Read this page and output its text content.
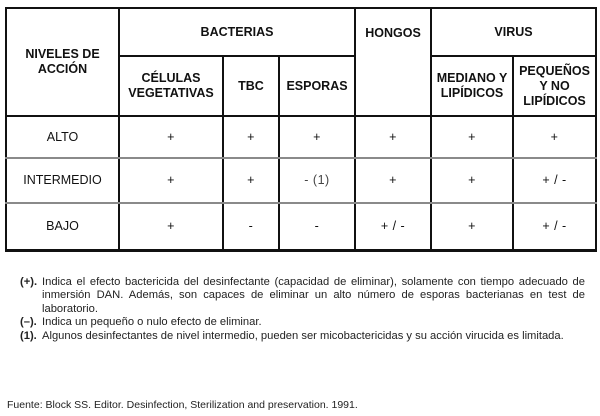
NIVELES DE ACCIÓN	BACTERIAS			HONGOS	VIRUS	
	CÉLULAS VEGETATIVAS	TBC	ESPORAS		MEDIANO Y LIPÍDICOS	PEQUEÑOS Y NO LIPÍDICOS
ALTO	+	+	+	+	+	+
INTERMEDIO	+	+	- (1)	+	+	+ / -
BAJO	+	-	-	+ / -	+	+ / -
(+). Indica el efecto bactericida del desinfectante (capacidad de eliminar), solamente con tiempo adecuado de inmersión DAN. Además, son capaces de eliminar un alto número de esporas bacterianas en test de laboratorio.
(–). Indica un pequeño o nulo efecto de eliminar.
(1). Algunos desinfectantes de nivel intermedio, pueden ser micobactericidas y su acción virucida es limitada.
Fuente: Block SS. Editor. Desinfection, Sterilization and preservation. 1991.
